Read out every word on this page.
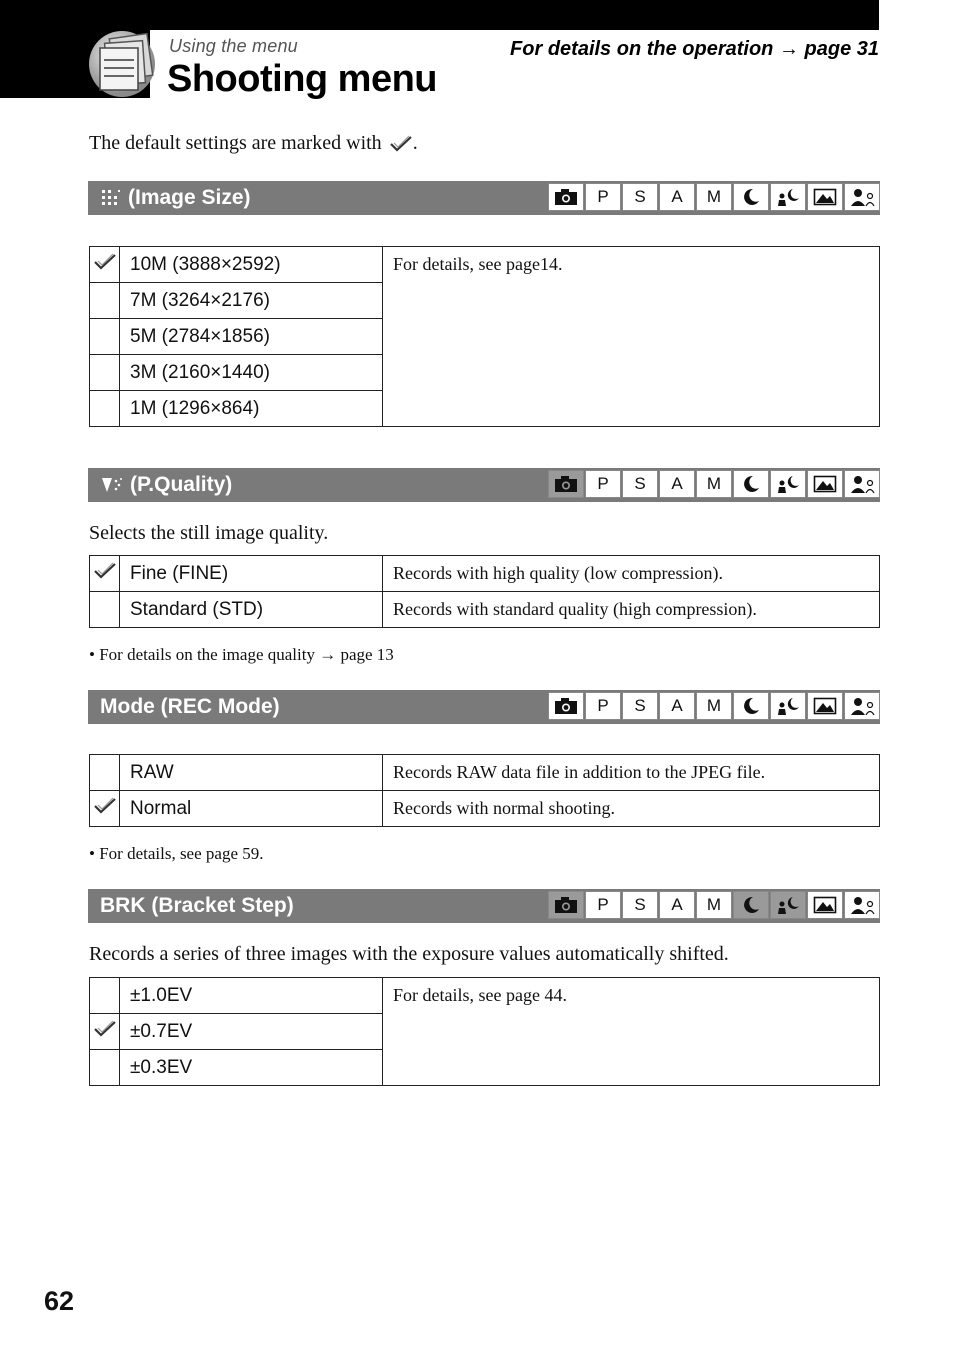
Using the menu
Shooting menu
For details on the operation → page 31
The default settings are marked with .
(Image Size)	P	S	A	M
	10M (3888×2592)	For details, see page14.
	7M (3264×2176)	
	5M (2784×1856)	
	3M (2160×1440)	
	1M (1296×864)	
(P.Quality)	P	S	A	M
Selects the still image quality.
	Fine (FINE)	Records with high quality (low compression).
	Standard (STD)	Records with standard quality (high compression).
• For details on the image quality → page 13
Mode (REC Mode)	P	S	A	M
	RAW	Records RAW data file in addition to the JPEG file.
	Normal	Records with normal shooting.
• For details, see page 59.
BRK (Bracket Step)	P	S	A	M
Records a series of three images with the exposure values automatically shifted.
	±1.0EV	For details, see page 44.
	±0.7EV	
	±0.3EV	
62
